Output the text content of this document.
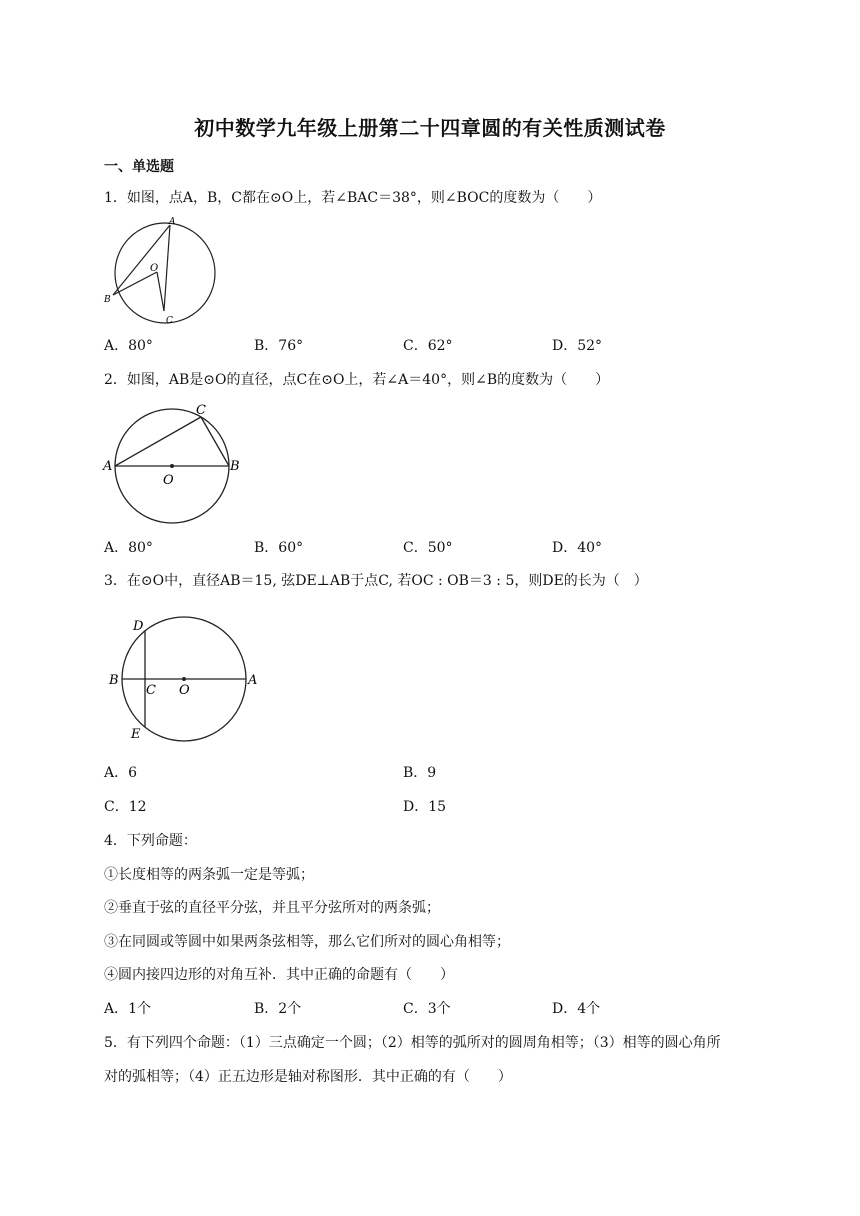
初中数学九年级上册第二十四章圆的有关性质测试卷
一、单选题
1．如图，点A，B，C都在⊙O上，若∠BAC＝38°，则∠BOC的度数为（　　）
A
B
C
O
A．80°	B．76°	C．62°	D．52°
2．如图，AB是⊙O的直径，点C在⊙O上，若∠A＝40°，则∠B的度数为（　　）
A	B
C
O
A．80°	B．60°	C．50°	D．40°
3．在⊙O中，直径AB＝15, 弦DE⊥AB于点C, 若OC : OB＝3 : 5，则DE的长为（　）
B	A
C O
D
E
A．6	B．9
C．12	D．15
4．下列命题：
①长度相等的两条弧一定是等弧；
②垂直于弦的直径平分弦，并且平分弦所对的两条弧；
③在同圆或等圆中如果两条弦相等，那么它们所对的圆心角相等；
④圆内接四边形的对角互补．其中正确的命题有（　　）
A．1个	B．2个	C．3个	D．4个
5．有下列四个命题：（1）三点确定一个圆；（2）相等的弧所对的圆周角相等；（3）相等的圆心角所
对的弧相等；（4）正五边形是轴对称图形．其中正确的有（　　）
